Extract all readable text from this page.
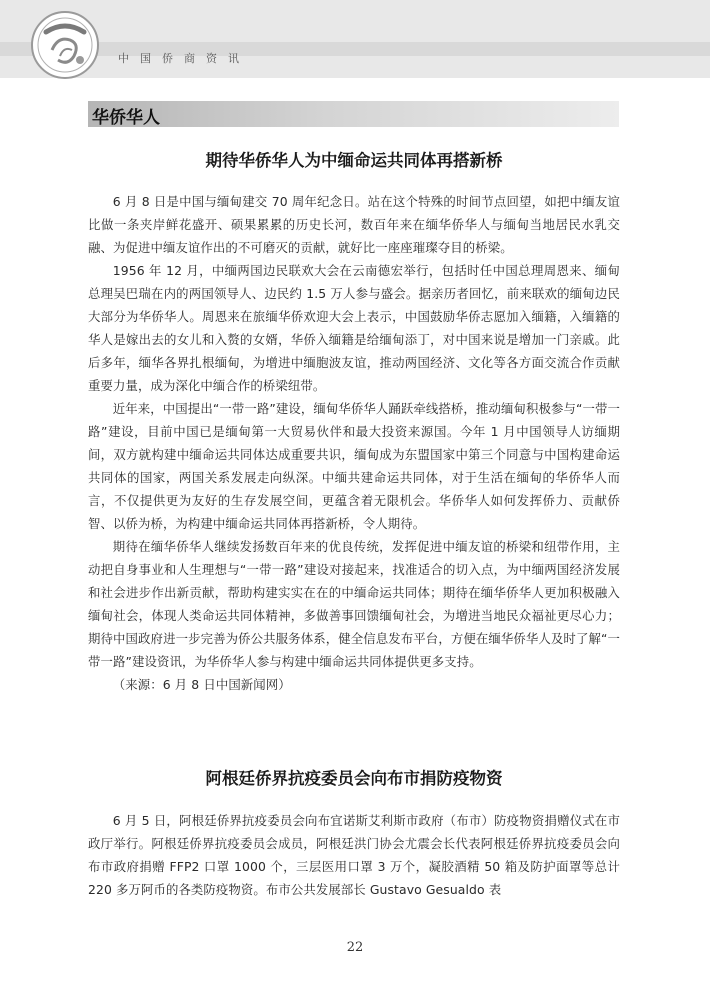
中国侨商资讯
华侨华人
期待华侨华人为中缅命运共同体再搭新桥

6 月 8 日是中国与缅甸建交 70 周年纪念日。站在这个特殊的时间节点回望，如把中缅友谊比做一条夹岸鲜花盛开、硕果累累的历史长河，数百年来在缅华侨华人与缅甸当地居民水乳交融、为促进中缅友谊作出的不可磨灭的贡献，就好比一座座璀璨夺目的桥梁。

1956 年 12 月，中缅两国边民联欢大会在云南德宏举行，包括时任中国总理周恩来、缅甸总理吴巴瑞在内的两国领导人、边民约 1.5 万人参与盛会。据亲历者回忆，前来联欢的缅甸边民大部分为华侨华人。周恩来在旅缅华侨欢迎大会上表示，中国鼓励华侨志愿加入缅籍，入缅籍的华人是嫁出去的女儿和入赘的女婿，华侨入缅籍是给缅甸添丁，对中国来说是增加一门亲戚。此后多年，缅华各界扎根缅甸，为增进中缅胞波友谊，推动两国经济、文化等各方面交流合作贡献重要力量，成为深化中缅合作的桥梁纽带。

近年来，中国提出“一带一路”建设，缅甸华侨华人踊跃牵线搭桥，推动缅甸积极参与“一带一路”建设，目前中国已是缅甸第一大贸易伙伴和最大投资来源国。今年 1 月中国领导人访缅期间，双方就构建中缅命运共同体达成重要共识，缅甸成为东盟国家中第三个同意与中国构建命运共同体的国家，两国关系发展走向纵深。中缅共建命运共同体，对于生活在缅甸的华侨华人而言，不仅提供更为友好的生存发展空间，更蕴含着无限机会。华侨华人如何发挥侨力、贡献侨智、以侨为桥，为构建中缅命运共同体再搭新桥，令人期待。

期待在缅华侨华人继续发扬数百年来的优良传统，发挥促进中缅友谊的桥梁和纽带作用，主动把自身事业和人生理想与“一带一路”建设对接起来，找准适合的切入点，为中缅两国经济发展和社会进步作出新贡献，帮助构建实实在在的中缅命运共同体；期待在缅华侨华人更加积极融入缅甸社会，体现人类命运共同体精神，多做善事回馈缅甸社会，为增进当地民众福祉更尽心力；期待中国政府进一步完善为侨公共服务体系，健全信息发布平台，方便在缅华侨华人及时了解“一带一路”建设资讯，为华侨华人参与构建中缅命运共同体提供更多支持。

（来源：6 月 8 日中国新闻网）

阿根廷侨界抗疫委员会向布市捐防疫物资

6 月 5 日，阿根廷侨界抗疫委员会向布宜诺斯艾利斯市政府（布市）防疫物资捐赠仪式在市政厅举行。阿根廷侨界抗疫委员会成员，阿根廷洪门协会尤震会长代表阿根廷侨界抗疫委员会向布市政府捐赠 FFP2 口罩 1000 个，三层医用口罩 3 万个，凝胶酒精 50 箱及防护面罩等总计 220 多万阿币的各类防疫物资。布市公共发展部长 Gustavo Gesualdo 表

22
